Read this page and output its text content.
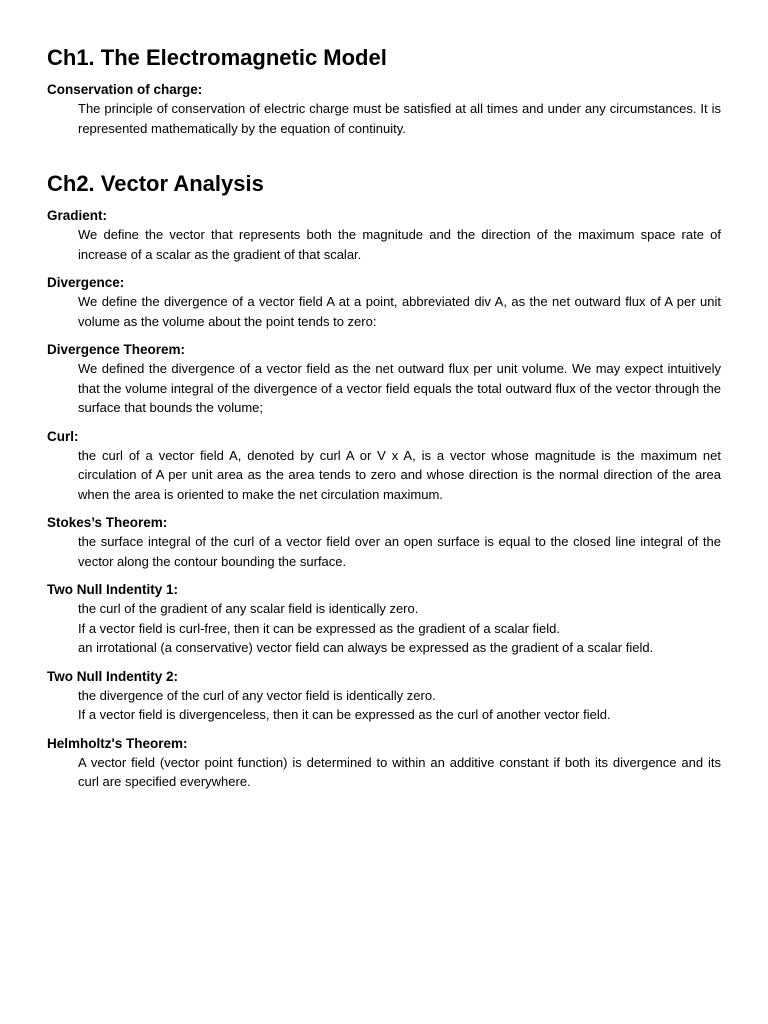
Ch1. The Electromagnetic Model
Conservation of charge:

The principle of conservation of electric charge must be satisfied at all times and under any circumstances. It is represented mathematically by the equation of continuity.

Ch2. Vector Analysis
Gradient:

We define the vector that represents both the magnitude and the direction of the maximum space rate of increase of a scalar as the gradient of that scalar.

Divergence:

We define the divergence of a vector field A at a point, abbreviated div A, as the net outward flux of A per unit volume as the volume about the point tends to zero:

Divergence Theorem:

We defined the divergence of a vector field as the net outward flux per unit volume. We may expect intuitively that the volume integral of the divergence of a vector field equals the total outward flux of the vector through the surface that bounds the volume;

Curl:

the curl of a vector field A, denoted by curl A or V x A, is a vector whose magnitude is the maximum net circulation of A per unit area as the area tends to zero and whose direction is the normal direction of the area when the area is oriented to make the net circulation maximum.

Stokes’s Theorem:

the surface integral of the curl of a vector field over an open surface is equal to the closed line integral of the vector along the contour bounding the surface.

Two Null Indentity 1:

the curl of the gradient of any scalar field is identically zero.

If a vector field is curl-free, then it can be expressed as the gradient of a scalar field.

an irrotational (a conservative) vector field can always be expressed as the gradient of a scalar field.

Two Null Indentity 2:

the divergence of the curl of any vector field is identically zero.

If a vector field is divergenceless, then it can be expressed as the curl of another vector field.

Helmholtz's Theorem:

A vector field (vector point function) is determined to within an additive constant if both its divergence and its curl are specified everywhere.
